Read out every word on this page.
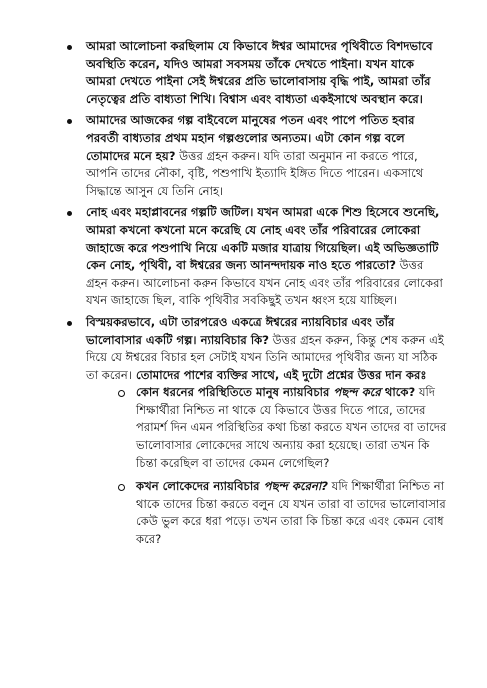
আমরা আলোচনা করছিলাম যে কিভাবে ঈশ্বর আমাদের পৃথিবীতে বিশদভাবে অবস্থিতি করেন, যদিও আমরা সবসময় তাঁকে দেখতে পাইনা। যখন যাকে আমরা দেখতে পাইনা সেই ঈশ্বরের প্রতি ভালোবাসায় বৃদ্ধি পাই, আমরা তাঁর নেতৃত্বের প্রতি বাধ্যতা শিখি। বিশ্বাস এবং বাধ্যতা একইসাথে অবস্থান করে।
আমাদের আজকের গল্প বাইবেলে মানুষের পতন এবং পাপে পতিত হবার পরবর্তী বাধ্যতার প্রথম মহান গল্পগুলোর অন্যতম। এটা কোন গল্প বলে তোমাদের মনে হয়? উত্তর গ্রহন করুন। যদি তারা অনুমান না করতে পারে, আপনি তাদের নৌকা, বৃষ্টি, পশুপাখি ইত্যাদি ইঙ্গিত দিতে পারেন। একসাথে সিদ্ধান্তে আসুন যে তিনি নোহ।
নোহ এবং মহাপ্লাবনের গল্পটি জটিল। যখন আমরা একে শিশু হিসেবে শুনেছি, আমরা কখনো কখনো মনে করেছি যে নোহ এবং তাঁর পরিবারের লোকেরা জাহাজে করে পশুপাখি নিয়ে একটি মজার যাত্রায় গিয়েছিল। এই অভিজ্ঞতাটি কেন নোহ, পৃথিবী, বা ঈশ্বরের জন্য আনন্দদায়ক নাও হতে পারতো? উত্তর গ্রহন করুন। আলোচনা করুন কিভাবে যখন নোহ এবং তাঁর পরিবারের লোকেরা যখন জাহাজে ছিল, বাকি পৃথিবীর সবকিছুই তখন ধ্বংস হয়ে যাচ্ছিল।
বিস্ময়করভাবে, এটা তারপরেও একত্রে ঈশ্বরের ন্যায়বিচার এবং তাঁর ভালোবাসার একটি গল্প। ন্যায়বিচার কি? উত্তর গ্রহন করুন, কিন্তু শেষ করুন এই দিয়ে যে ঈশ্বরের বিচার হল সেটাই যখন তিনি আমাদের পৃথিবীর জন্য যা সঠিক তা করেন। তোমাদের পাশের ব্যক্তির সাথে, এই দুটো প্রশ্নের উত্তর দান করঃ
কোন ধরনের পরিস্থিতিতে মানুষ ন্যায়বিচার পছন্দ করে থাকে? যদি শিক্ষার্থীরা নিশ্চিত না থাকে যে কিভাবে উত্তর দিতে পারে, তাদের পরামর্শ দিন এমন পরিস্থিতির কথা চিন্তা করতে যখন তাদের বা তাদের ভালোবাসার লোকেদের সাথে অন্যায় করা হয়েছে। তারা তখন কি চিন্তা করেছিল বা তাদের কেমন লেগেছিল?
কখন লোকেদের ন্যায়বিচার পছন্দ করেনা? যদি শিক্ষার্থীরা নিশ্চিত না থাকে তাদের চিন্তা করতে বলুন যে যখন তারা বা তাদের ভালোবাসার কেউ ভুল করে ধরা পড়ে। তখন তারা কি চিন্তা করে এবং কেমন বোধ করে?
